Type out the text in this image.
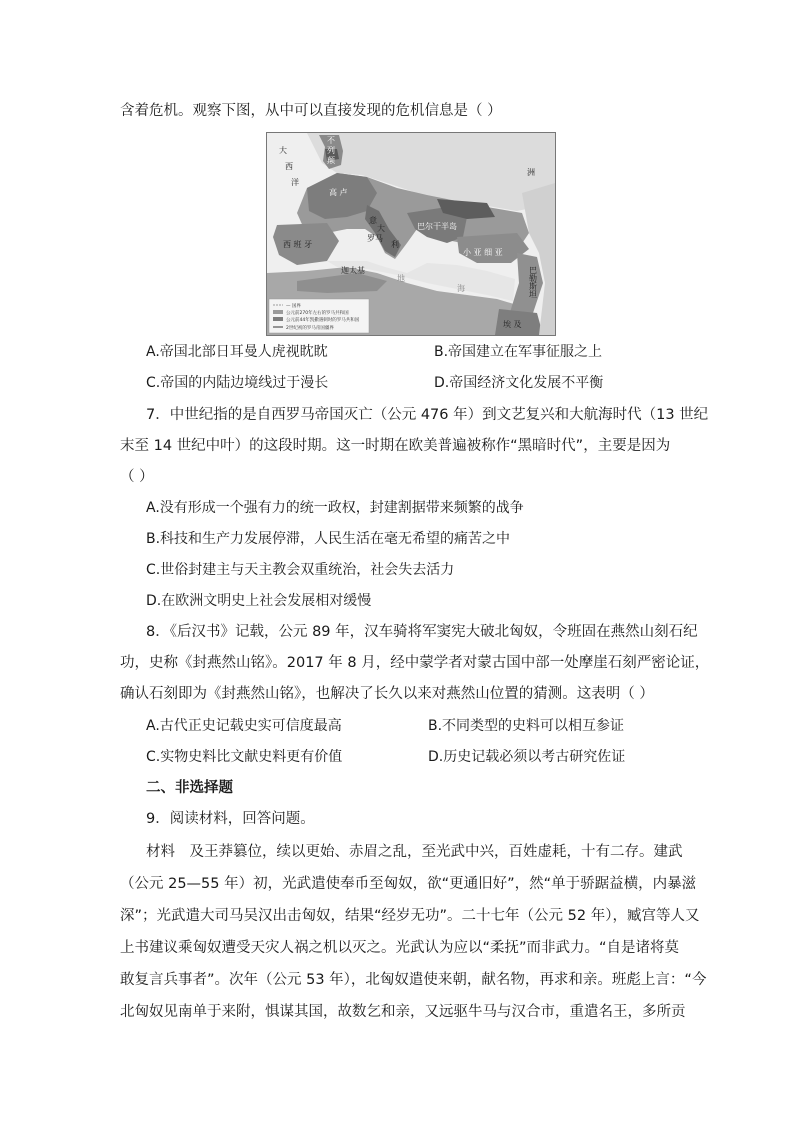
含着危机。观察下图，从中可以直接发现的危机信息是（ ）
大
西
洋
不
列
颠
高 卢
意
大
利
罗马
西 班 牙
巴尔干半岛
小 亚 细 亚
迦太基
洲
地
海
埃 及
巴
勒
斯
坦
— 国界
公元前270年左右的罗马共和国
公元前44年凯撒遇刺时的罗马共和国
2世纪初的罗马帝国疆界
A.帝国北部日耳曼人虎视眈眈	B.帝国建立在军事征服之上
C.帝国的内陆边境线过于漫长	D.帝国经济文化发展不平衡
7．中世纪指的是自西罗马帝国灭亡（公元 476 年）到文艺复兴和大航海时代（13 世纪
末至 14 世纪中叶）的这段时期。这一时期在欧美普遍被称作“黑暗时代”，主要是因为
（ ）
A.没有形成一个强有力的统一政权，封建割据带来频繁的战争
B.科技和生产力发展停滞，人民生活在毫无希望的痛苦之中
C.世俗封建主与天主教会双重统治，社会失去活力
D.在欧洲文明史上社会发展相对缓慢
8．《后汉书》记载，公元 89 年，汉车骑将军窦宪大破北匈奴，令班固在燕然山刻石纪
功，史称《封燕然山铭》。2017 年 8 月，经中蒙学者对蒙古国中部一处摩崖石刻严密论证，
确认石刻即为《封燕然山铭》，也解决了长久以来对燕然山位置的猜测。这表明（ ）
A.古代正史记载史实可信度最高	B.不同类型的史料可以相互参证
C.实物史料比文献史料更有价值	D.历史记载必须以考古研究佐证
二、非选择题
9．阅读材料，回答问题。
材料　及王莽篡位，续以更始、赤眉之乱，至光武中兴，百姓虚耗，十有二存。建武
（公元 25—55 年）初，光武遣使奉币至匈奴，欲“更通旧好”，然“单于骄踞益横，内暴滋
深”；光武遣大司马吴汉出击匈奴，结果“经岁无功”。二十七年（公元 52 年），臧宫等人又
上书建议乘匈奴遭受天灾人祸之机以灭之。光武认为应以“柔抚”而非武力。“自是诸将莫
敢复言兵事者”。次年（公元 53 年），北匈奴遣使来朝，献名物，再求和亲。班彪上言：“今
北匈奴见南单于来附，惧谋其国，故数乞和亲，又远驱牛马与汉合市，重遣名王，多所贡
